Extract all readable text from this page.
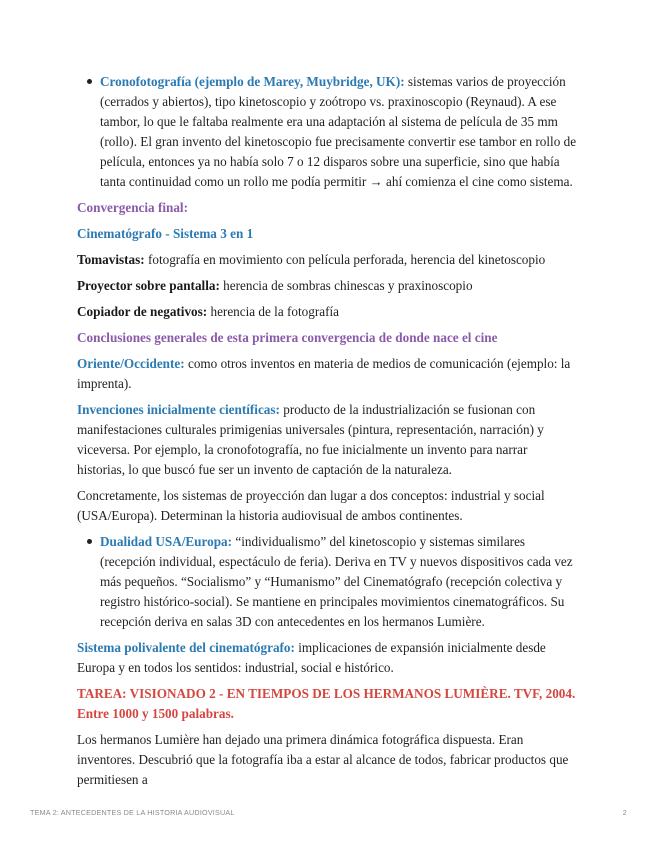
Cronofotografía (ejemplo de Marey, Muybridge, UK): sistemas varios de proyección (cerrados y abiertos), tipo kinetoscopio y zoótropo vs. praxinoscopio (Reynaud). A ese tambor, lo que le faltaba realmente era una adaptación al sistema de película de 35 mm (rollo). El gran invento del kinetoscopio fue precisamente convertir ese tambor en rollo de película, entonces ya no había solo 7 o 12 disparos sobre una superficie, sino que había tanta continuidad como un rollo me podía permitir → ahí comienza el cine como sistema.
Convergencia final:
Cinematógrafo - Sistema 3 en 1
Tomavistas: fotografía en movimiento con película perforada, herencia del kinetoscopio
Proyector sobre pantalla: herencia de sombras chinescas y praxinoscopio
Copiador de negativos: herencia de la fotografía
Conclusiones generales de esta primera convergencia de donde nace el cine
Oriente/Occidente: como otros inventos en materia de medios de comunicación (ejemplo: la imprenta).
Invenciones inicialmente científicas: producto de la industrialización se fusionan con manifestaciones culturales primigenias universales (pintura, representación, narración) y viceversa. Por ejemplo, la cronofotografía, no fue inicialmente un invento para narrar historias, lo que buscó fue ser un invento de captación de la naturaleza.
Concretamente, los sistemas de proyección dan lugar a dos conceptos: industrial y social (USA/Europa). Determinan la historia audiovisual de ambos continentes.
Dualidad USA/Europa: “individualismo” del kinetoscopio y sistemas similares (recepción individual, espectáculo de feria). Deriva en TV y nuevos dispositivos cada vez más pequeños. “Socialismo” y “Humanismo” del Cinematógrafo (recepción colectiva y registro histórico-social). Se mantiene en principales movimientos cinematográficos. Su recepción deriva en salas 3D con antecedentes en los hermanos Lumière.
Sistema polivalente del cinematógrafo: implicaciones de expansión inicialmente desde Europa y en todos los sentidos: industrial, social e histórico.
TAREA: VISIONADO 2 - EN TIEMPOS DE LOS HERMANOS LUMIÈRE. TVF, 2004. Entre 1000 y 1500 palabras.
Los hermanos Lumière han dejado una primera dinámica fotográfica dispuesta. Eran inventores. Descubrió que la fotografía iba a estar al alcance de todos, fabricar productos que permitiesen a
TEMA 2: ANTECEDENTES DE LA HISTORIA AUDIOVISUAL	2
